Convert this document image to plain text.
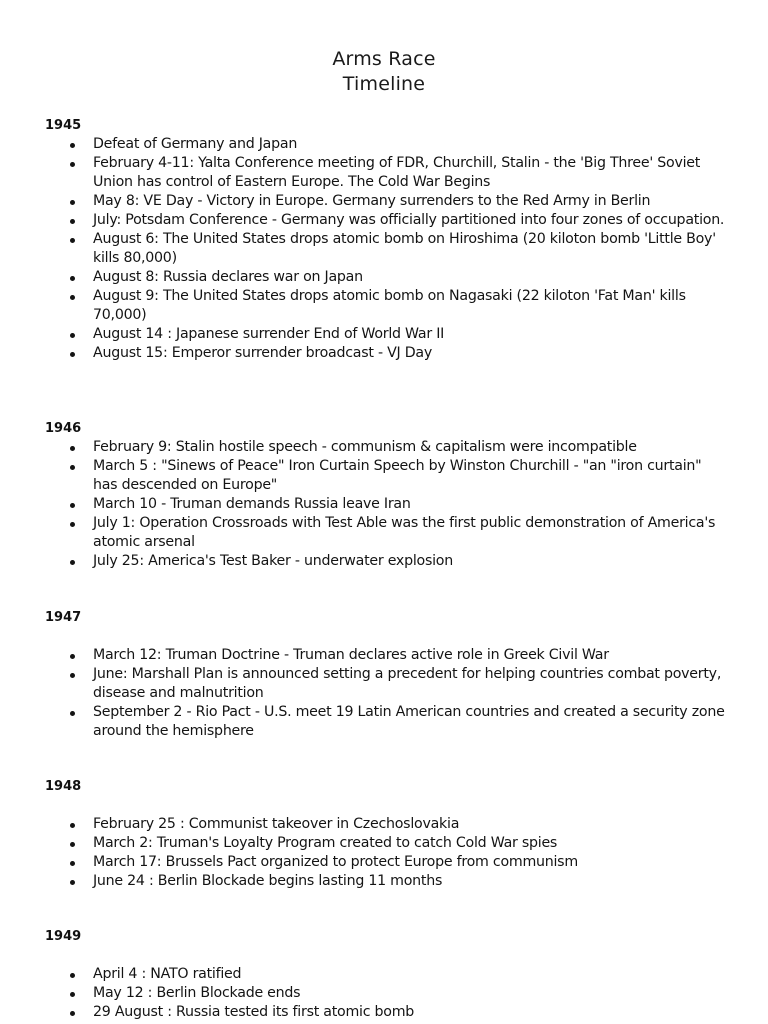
Arms Race
Timeline
1945
Defeat of Germany and Japan
February 4-11: Yalta Conference meeting of FDR, Churchill, Stalin - the 'Big Three' Soviet Union has control of Eastern Europe. The Cold War Begins
May 8: VE Day - Victory in Europe. Germany surrenders to the Red Army in Berlin
July: Potsdam Conference - Germany was officially partitioned into four zones of occupation.
August 6: The United States drops atomic bomb on Hiroshima (20 kiloton bomb 'Little Boy' kills 80,000)
August 8: Russia declares war on Japan
August 9: The United States drops atomic bomb on Nagasaki (22 kiloton 'Fat Man' kills 70,000)
August 14 : Japanese surrender End of World War II
August 15: Emperor surrender broadcast - VJ Day
1946
February 9: Stalin hostile speech - communism & capitalism were incompatible
March 5 : "Sinews of Peace" Iron Curtain Speech by Winston Churchill - "an "iron curtain" has descended on Europe"
March 10 - Truman demands Russia leave Iran
July 1: Operation Crossroads with Test Able was the first public demonstration of America's atomic arsenal
July 25: America's Test Baker - underwater explosion
1947
March 12: Truman Doctrine - Truman declares active role in Greek Civil War
June: Marshall Plan is announced setting a precedent for helping countries combat poverty, disease and malnutrition
September 2 - Rio Pact - U.S. meet 19 Latin American countries and created a security zone around the hemisphere
1948
February 25 : Communist takeover in Czechoslovakia
March 2: Truman's Loyalty Program created to catch Cold War spies
March 17: Brussels Pact organized to protect Europe from communism
June 24 : Berlin Blockade begins lasting 11 months
1949
April 4 : NATO ratified
May 12 : Berlin Blockade ends
29 August : Russia tested its first atomic bomb
